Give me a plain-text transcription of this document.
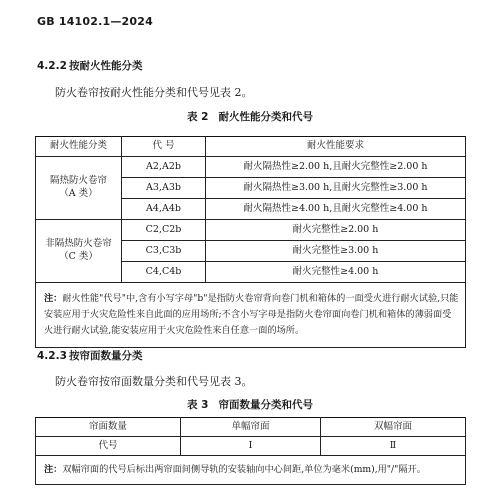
GB 14102.1—2024
4.2.2 按耐火性能分类
防火卷帘按耐火性能分类和代号见表 2。
表 2 耐火性能分类和代号
耐火性能分类	代 号	耐火性能要求

隔热防火卷帘
（A 类）	A2,A2b	耐火隔热性≥2.00 h,且耐火完整性≥2.00 h
	A3,A3b	耐火隔热性≥3.00 h,且耐火完整性≥3.00 h
	A4,A4b	耐火隔热性≥4.00 h,且耐火完整性≥4.00 h

非隔热防火卷帘
（C 类）	C2,C2b	耐火完整性≥2.00 h
	C3,C3b	耐火完整性≥3.00 h
	C4,C4b	耐火完整性≥4.00 h
注：耐火性能"代号"中,含有小写字母"b"是指防火卷帘背向卷门机和箱体的一面受火进行耐火试验,只能安装应用于火灾危险性来自此面的应用场所;不含小写字母是指防火卷帘面向卷门机和箱体的薄弱面受火进行耐火试验,能安装应用于火灾危险性来自任意一面的场所。		
4.2.3 按帘面数量分类
防火卷帘按帘面数量分类和代号见表 3。
表 3 帘面数量分类和代号
帘面数量	单幅帘面	双幅帘面
代号	Ⅰ	Ⅱ
注：双幅帘面的代号后标出两帘面间侧导轨的安装轴向中心间距,单位为毫米(mm),用"/"隔开。		
